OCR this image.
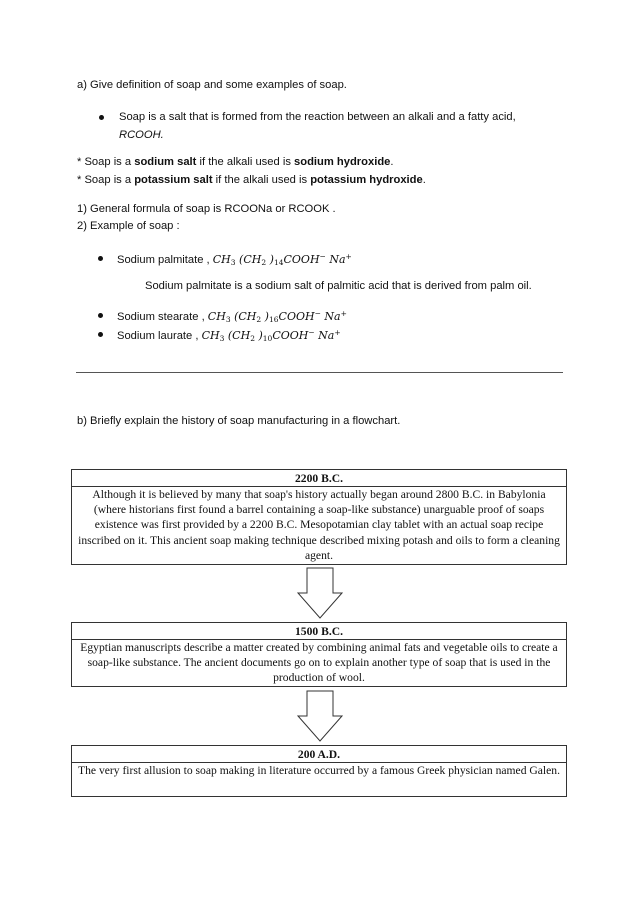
a) Give definition of soap and some examples of soap.
Soap is a salt that is formed from the reaction between an alkali and a fatty acid,
RCOOH.
* Soap is a sodium salt if the alkali used is sodium hydroxide.
* Soap is a potassium salt if the alkali used is potassium hydroxide.
1) General formula of soap is RCOONa or RCOOK .
2) Example of soap :
Sodium palmitate , $CH_3$ ($CH_2$ )$_{14}COOH^-$ Na+
Sodium palmitate is a sodium salt of palmitic acid that is derived from palm oil.
Sodium stearate , $CH_3$ ($CH_2$ )$_{16}COOH^-$ Na+
Sodium laurate , $CH_3$ ($CH_2$ )$_{10}COOH^-$ Na+
b) Briefly explain the history of soap manufacturing in a flowchart.
2200 B.C.
Although it is believed by many that soap's history actually began around 2800 B.C. in Babylonia (where historians first found a barrel containing a soap-like substance) unarguable proof of soaps existence was first provided by a 2200 B.C. Mesopotamian clay tablet with an actual soap recipe inscribed on it. This ancient soap making technique described mixing potash and oils to form a cleaning agent.
1500 B.C.
Egyptian manuscripts describe a matter created by combining animal fats and vegetable oils to create a soap-like substance. The ancient documents go on to explain another type of soap that is used in the production of wool.
200 A.D.
The very first allusion to soap making in literature occurred by a famous Greek physician named Galen.
